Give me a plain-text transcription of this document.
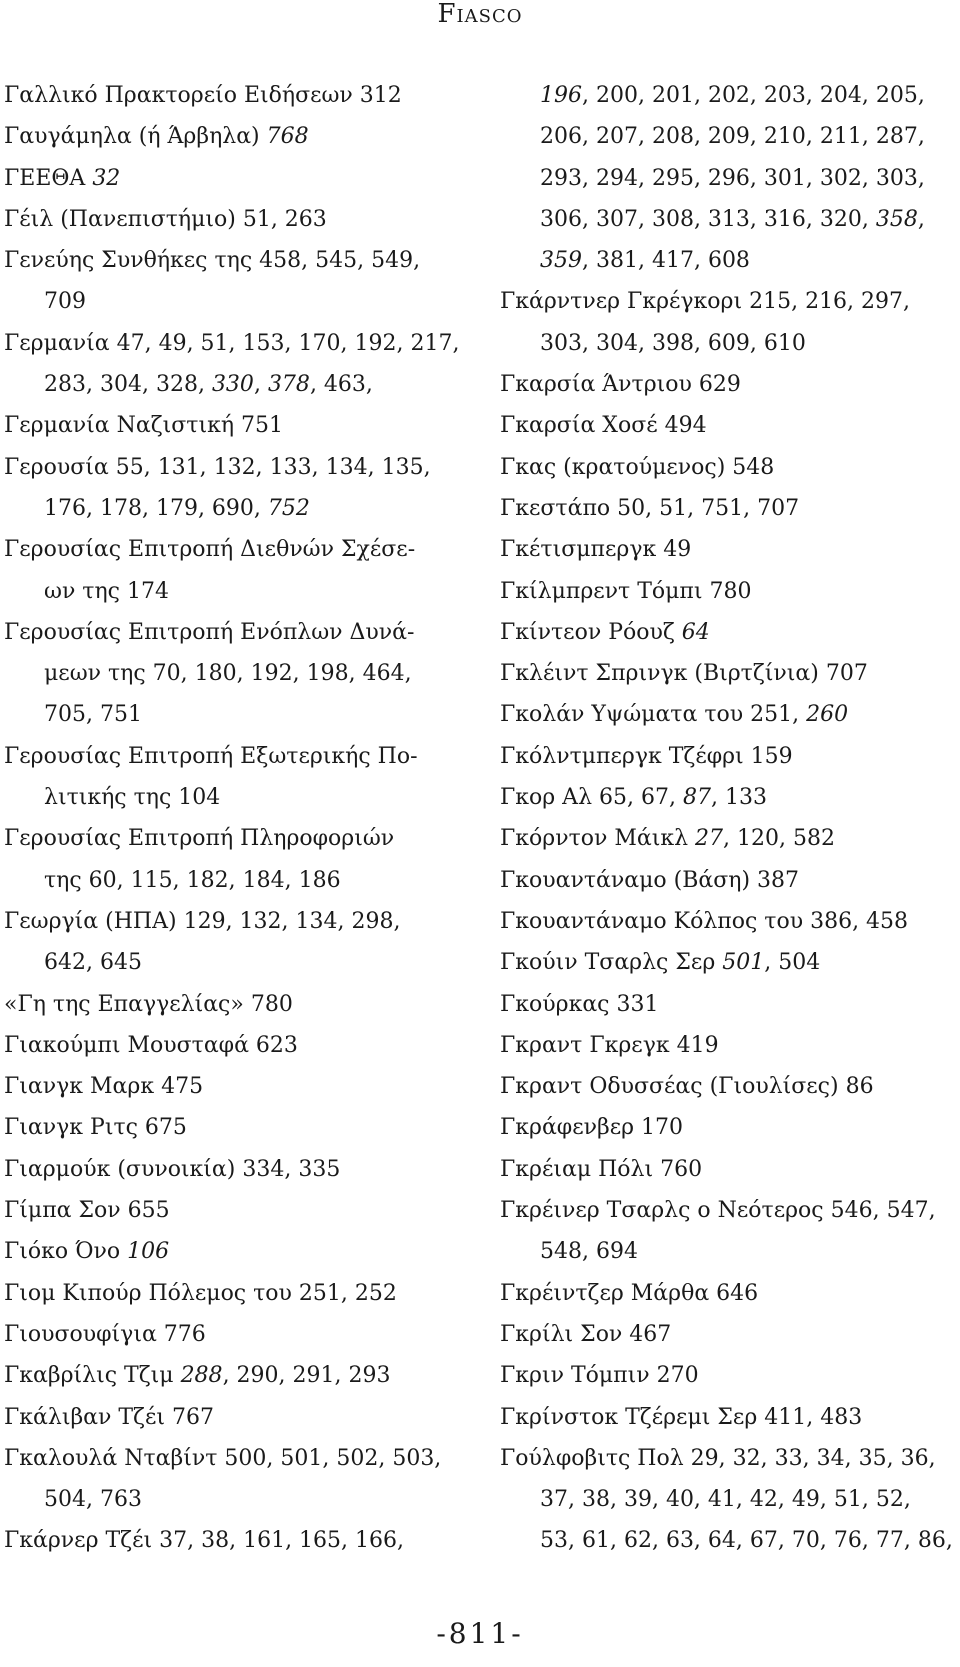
Fiasco

Γαλλικό Πρακτορείο Ειδήσεων 312

Γαυγάμηλα (ή Άρβηλα) 768

ΓΕΕΘΑ 32

Γέιλ (Πανεπιστήμιο) 51, 263

Γενεύης Συνθήκες της 458, 545, 549,

709

Γερμανία 47, 49, 51, 153, 170, 192, 217,

283, 304, 328, 330, 378, 463,

Γερμανία Ναζιστική 751

Γερουσία 55, 131, 132, 133, 134, 135,

176, 178, 179, 690, 752

Γερουσίας Επιτροπή Διεθνών Σχέσε-

ων της 174

Γερουσίας Επιτροπή Ενόπλων Δυνά-

μεων της 70, 180, 192, 198, 464,

705, 751

Γερουσίας Επιτροπή Εξωτερικής Πο-

λιτικής της 104

Γερουσίας Επιτροπή Πληροφοριών

της 60, 115, 182, 184, 186

Γεωργία (ΗΠΑ) 129, 132, 134, 298,

642, 645

«Γη της Επαγγελίας» 780

Γιακούμπι Μουσταφά 623

Γιανγκ Μαρκ 475

Γιανγκ Ριτς 675

Γιαρμούκ (συνοικία) 334, 335

Γίμπα Σον 655

Γιόκο Όνο 106

Γιομ Κιπούρ Πόλεμος του 251, 252

Γιουσουφίγια 776

Γκαβρίλις Τζιμ 288, 290, 291, 293

Γκάλιβαν Τζέι 767

Γκαλουλά Νταβίντ 500, 501, 502, 503,

504, 763

Γκάρνερ Τζέι 37, 38, 161, 165, 166,

196, 200, 201, 202, 203, 204, 205,

206, 207, 208, 209, 210, 211, 287,

293, 294, 295, 296, 301, 302, 303,

306, 307, 308, 313, 316, 320, 358,

359, 381, 417, 608

Γκάρντνερ Γκρέγκορι 215, 216, 297,

303, 304, 398, 609, 610

Γκαρσία Άντριου 629

Γκαρσία Χοσέ 494

Γκας (κρατούμενος) 548

Γκεστάπο 50, 51, 751, 707

Γκέτισμπεργκ 49

Γκίλμπρεντ Τόμπι 780

Γκίντεον Ρόουζ 64

Γκλέιντ Σπρινγκ (Βιρτζίνια) 707

Γκολάν Υψώματα του 251, 260

Γκόλντμπεργκ Τζέφρι 159

Γκορ Αλ 65, 67, 87, 133

Γκόρντον Μάικλ 27, 120, 582

Γκουαντάναμο (Βάση) 387

Γκουαντάναμο Κόλπος του 386, 458

Γκούιν Τσαρλς Σερ 501, 504

Γκούρκας 331

Γκραντ Γκρεγκ 419

Γκραντ Οδυσσέας (Γιουλίσες) 86

Γκράφενβερ 170

Γκρέιαμ Πόλι 760

Γκρέινερ Τσαρλς ο Νεότερος 546, 547,

548, 694

Γκρέιντζερ Μάρθα 646

Γκρίλι Σον 467

Γκριν Τόμπιν 270

Γκρίνστοκ Τζέρεμι Σερ 411, 483

Γούλφοβιτς Πολ 29, 32, 33, 34, 35, 36,

37, 38, 39, 40, 41, 42, 49, 51, 52,

53, 61, 62, 63, 64, 67, 70, 76, 77, 86,

-811-
